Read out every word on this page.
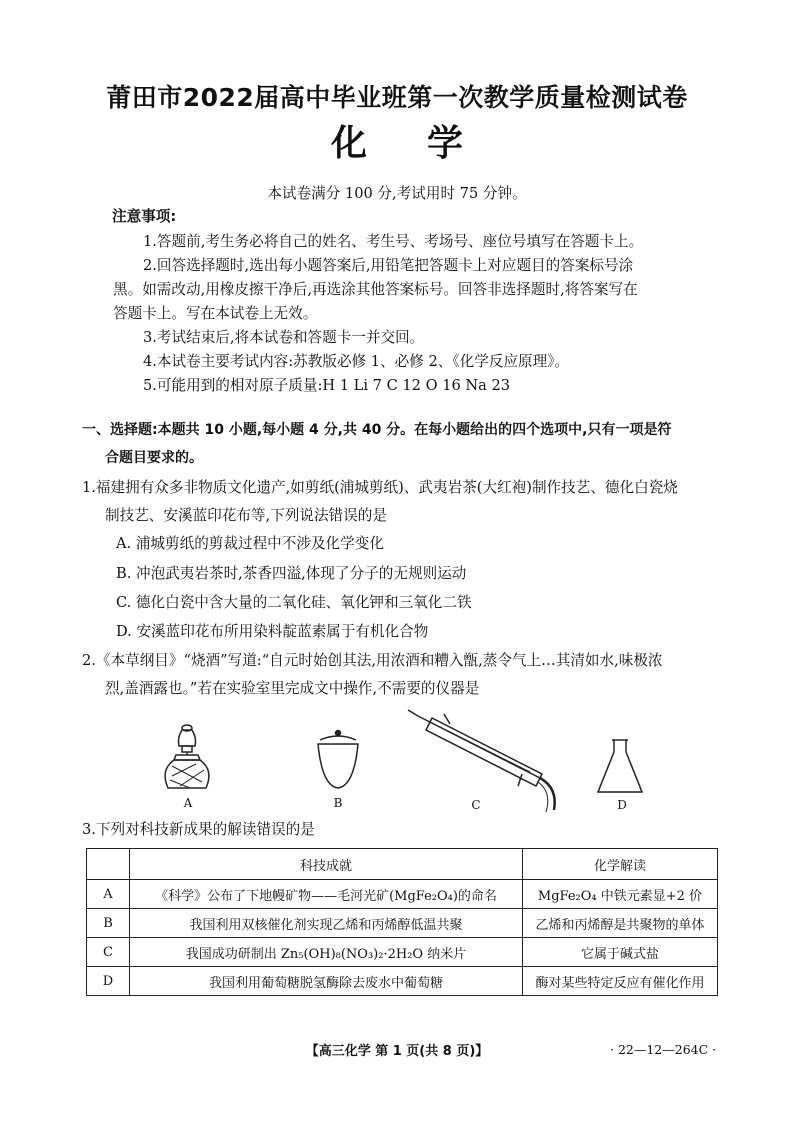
莆田市2022届高中毕业班第一次教学质量检测试卷
化学
本试卷满分 100 分,考试用时 75 分钟。
注意事项:
1.答题前,考生务必将自己的姓名、考生号、考场号、座位号填写在答题卡上。
2.回答选择题时,选出每小题答案后,用铅笔把答题卡上对应题目的答案标号涂
黑。如需改动,用橡皮擦干净后,再选涂其他答案标号。回答非选择题时,将答案写在
答题卡上。写在本试卷上无效。
3.考试结束后,将本试卷和答题卡一并交回。
4.本试卷主要考试内容:苏教版必修 1、必修 2、《化学反应原理》。
5.可能用到的相对原子质量:H 1 Li 7 C 12 O 16 Na 23
一、选择题:本题共 10 小题,每小题 4 分,共 40 分。在每小题给出的四个选项中,只有一项是符
合题目要求的。
1.福建拥有众多非物质文化遗产,如剪纸(浦城剪纸)、武夷岩茶(大红袍)制作技艺、德化白瓷烧
制技艺、安溪蓝印花布等,下列说法错误的是
A. 浦城剪纸的剪裁过程中不涉及化学变化
B. 冲泡武夷岩茶时,茶香四溢,体现了分子的无规则运动
C. 德化白瓷中含大量的二氧化硅、氧化钾和三氧化二铁
D. 安溪蓝印花布所用染料靛蓝素属于有机化合物
2.《本草纲目》“烧酒”写道:“自元时始创其法,用浓酒和糟入甑,蒸令气上…其清如水,味极浓
烈,盖酒露也。”若在实验室里完成文中操作,不需要的仪器是
A	B	C	D
3.下列对科技新成果的解读错误的是
	科技成就	化学解读
A	《科学》公布了下地幔矿物——毛河光矿(MgFe₂O₄)的命名	MgFe₂O₄ 中铁元素显+2 价
B	我国利用双核催化剂实现乙烯和丙烯醇低温共聚	乙烯和丙烯醇是共聚物的单体
C	我国成功研制出 Zn₅(OH)₈(NO₃)₂·2H₂O 纳米片	它属于碱式盐
D	我国利用葡萄糖脱氢酶除去废水中葡萄糖	酶对某些特定反应有催化作用
【高三化学 第 1 页(共 8 页)】	· 22—12—264C ·
